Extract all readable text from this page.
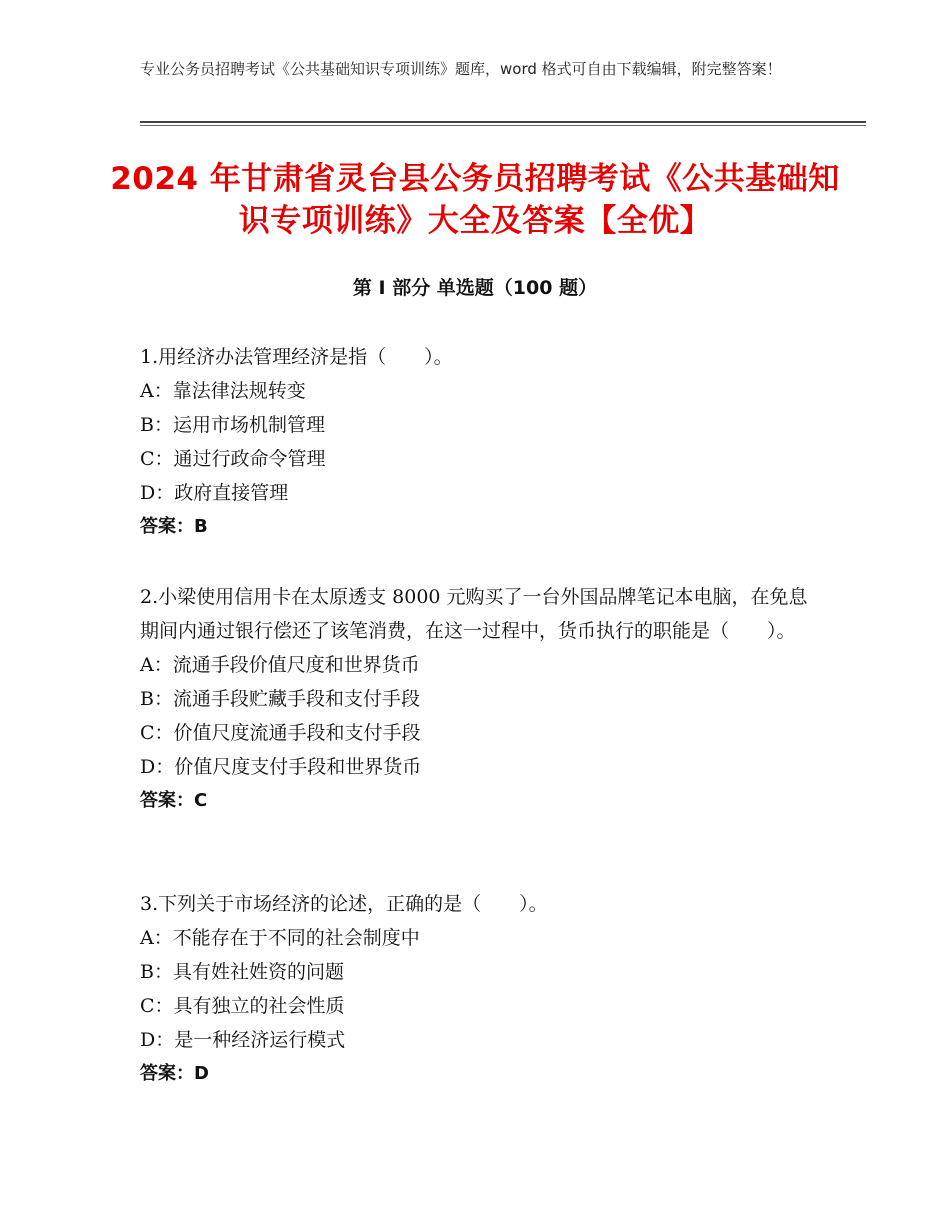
专业公务员招聘考试《公共基础知识专项训练》题库，word 格式可自由下载编辑，附完整答案！
2024 年甘肃省灵台县公务员招聘考试《公共基础知识专项训练》大全及答案【全优】
第 I 部分 单选题（100 题）
1.用经济办法管理经济是指（　　）。
A：靠法律法规转变
B：运用市场机制管理
C：通过行政命令管理
D：政府直接管理
答案：B
2.小梁使用信用卡在太原透支 8000 元购买了一台外国品牌笔记本电脑，在免息期间内通过银行偿还了该笔消费，在这一过程中，货币执行的职能是（　　）。
A：流通手段价值尺度和世界货币
B：流通手段贮藏手段和支付手段
C：价值尺度流通手段和支付手段
D：价值尺度支付手段和世界货币
答案：C
3.下列关于市场经济的论述，正确的是（　　）。
A：不能存在于不同的社会制度中
B：具有姓社姓资的问题
C：具有独立的社会性质
D：是一种经济运行模式
答案：D
